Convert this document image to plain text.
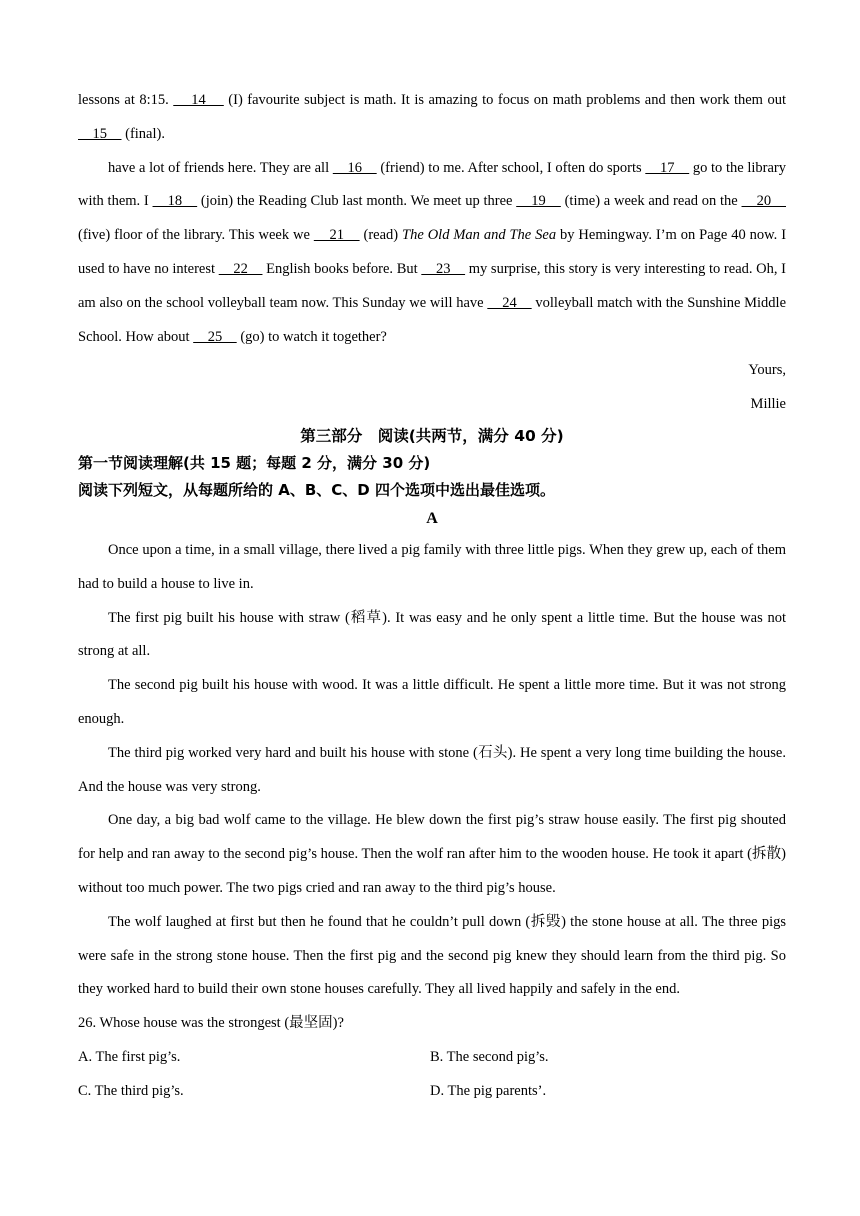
lessons at 8:15.     14     (I) favourite subject is math. It is amazing to focus on math problems and then work them out     15     (final).

have a lot of friends here. They are all     16     (friend) to me. After school, I often do sports     17     go to the library with them. I     18     (join) the Reading Club last month. We meet up three     19     (time) a week and read on the     20     (five) floor of the library. This week we     21     (read) The Old Man and The Sea by Hemingway. I’m on Page 40 now. I used to have no interest     22     English books before. But     23     my surprise, this story is very interesting to read. Oh, I am also on the school volleyball team now. This Sunday we will have     24     volleyball match with the Sunshine Middle School. How about     25     (go) to watch it together?

Yours,

Millie

第三部分　阅读(共两节，满分 40 分)
第一节阅读理解(共 15 题；每题 2 分，满分 30 分)
阅读下列短文，从每题所给的 A、B、C、D 四个选项中选出最佳选项。
A

Once upon a time, in a small village, there lived a pig family with three little pigs. When they grew up, each of them had to build a house to live in.

The first pig built his house with straw (稻草). It was easy and he only spent a little time. But the house was not strong at all.

The second pig built his house with wood. It was a little difficult. He spent a little more time. But it was not strong enough.

The third pig worked very hard and built his house with stone (石头). He spent a very long time building the house. And the house was very strong.

One day, a big bad wolf came to the village. He blew down the first pig’s straw house easily. The first pig shouted for help and ran away to the second pig’s house. Then the wolf ran after him to the wooden house. He took it apart (拆散) without too much power. The two pigs cried and ran away to the third pig’s house.

The wolf laughed at first but then he found that he couldn’t pull down (拆毁) the stone house at all. The three pigs were safe in the strong stone house. Then the first pig and the second pig knew they should learn from the third pig. So they worked hard to build their own stone houses carefully. They all lived happily and safely in the end.

26. Whose house was the strongest (最坚固)?

A. The first pig’s.	B. The second pig’s.

C. The third pig’s.	D. The pig parents’.
